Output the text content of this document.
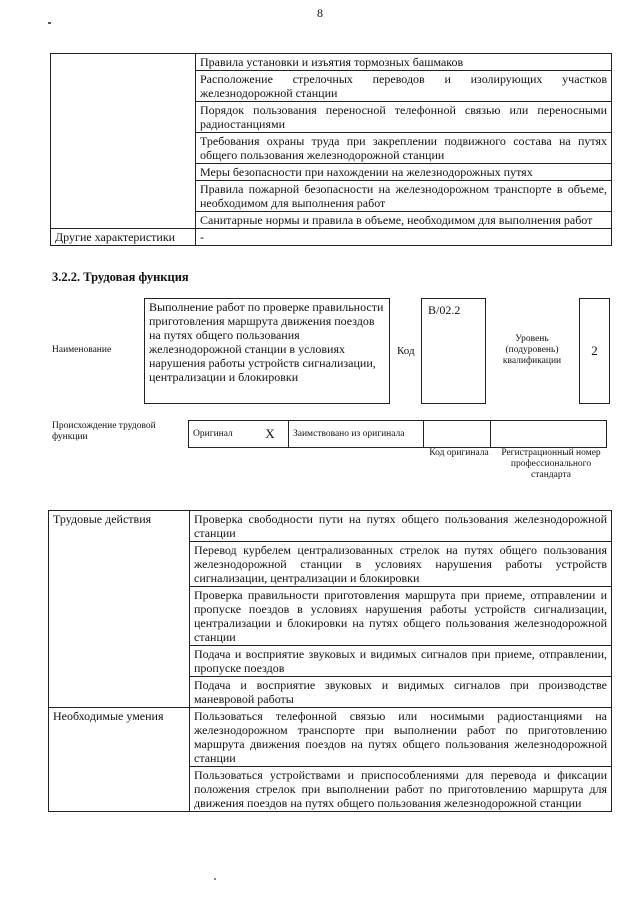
8
	Правила установки и изъятия тормозных башмаков
	Расположение стрелочных переводов и изолирующих участков железнодорожной станции
	Порядок пользования переносной телефонной связью или переносными радиостанциями
	Требования охраны труда при закреплении подвижного состава на путях общего пользования железнодорожной станции
	Меры безопасности при нахождении на железнодорожных путях
	Правила пожарной безопасности на железнодорожном транспорте в объеме, необходимом для выполнения работ
	Санитарные нормы и правила в объеме, необходимом для выполнения работ
Другие характеристики	-
3.2.2. Трудовая функция
Наименование
Выполнение работ по проверке правильности приготовления маршрута движения поездов на путях общего пользования железнодорожной станции в условиях нарушения работы устройств сигнализации, централизации и блокировки
Код
В/02.2
Уровень (подуровень) квалификации
2
Происхождение трудовой функции	Оригинал	X	Заимствовано из оригинала		
Код оригинала	Регистрационный номер профессионального стандарта
Трудовые действия	Проверка свободности пути на путях общего пользования железнодорожной станции
	Перевод курбелем централизованных стрелок на путях общего пользования железнодорожной станции в условиях нарушения работы устройств сигнализации, централизации и блокировки
	Проверка правильности приготовления маршрута при приеме, отправлении и пропуске поездов в условиях нарушения работы устройств сигнализации, централизации и блокировки на путях общего пользования железнодорожной станции
	Подача и восприятие звуковых и видимых сигналов при приеме, отправлении, пропуске поездов
	Подача и восприятие звуковых и видимых сигналов при производстве маневровой работы
Необходимые умения	Пользоваться телефонной связью или носимыми радиостанциями на железнодорожном транспорте при выполнении работ по приготовлению маршрута движения поездов на путях общего пользования железнодорожной станции
	Пользоваться устройствами и приспособлениями для перевода и фиксации положения стрелок при выполнении работ по приготовлению маршрута для движения поездов на путях общего пользования железнодорожной станции
